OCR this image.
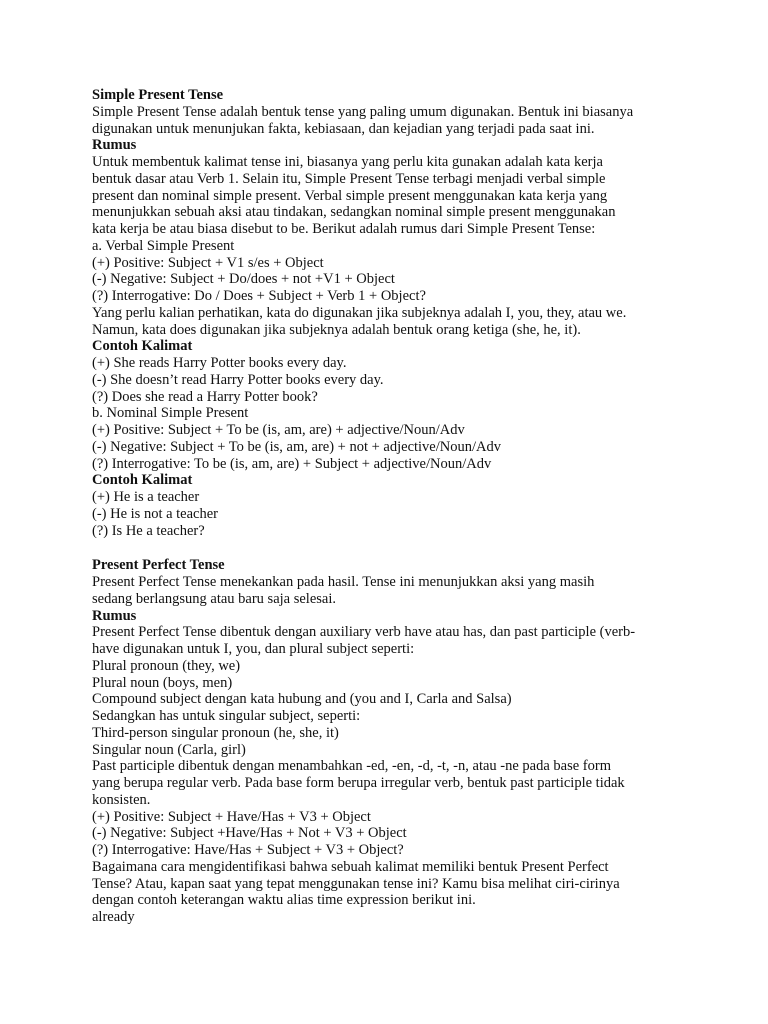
Simple Present Tense
Simple Present Tense adalah bentuk tense yang paling umum digunakan. Bentuk ini biasanya
digunakan untuk menunjukan fakta, kebiasaan, dan kejadian yang terjadi pada saat ini.
Rumus
Untuk membentuk kalimat tense ini, biasanya yang perlu kita gunakan adalah kata kerja
bentuk dasar atau Verb 1. Selain itu, Simple Present Tense terbagi menjadi verbal simple
present dan nominal simple present. Verbal simple present menggunakan kata kerja yang
menunjukkan sebuah aksi atau tindakan, sedangkan nominal simple present menggunakan
kata kerja be atau biasa disebut to be. Berikut adalah rumus dari Simple Present Tense:
a. Verbal Simple Present
(+) Positive: Subject + V1 s/es + Object
(-) Negative: Subject + Do/does + not +V1 + Object
(?) Interrogative: Do / Does + Subject + Verb 1 + Object?
Yang perlu kalian perhatikan, kata do digunakan jika subjeknya adalah I, you, they, atau we.
Namun, kata does digunakan jika subjeknya adalah bentuk orang ketiga (she, he, it).
Contoh Kalimat
(+) She reads Harry Potter books every day.
(-) She doesn’t read Harry Potter books every day.
(?) Does she read a Harry Potter book?
b. Nominal Simple Present
(+) Positive: Subject + To be (is, am, are) + adjective/Noun/Adv
(-) Negative: Subject + To be (is, am, are) + not + adjective/Noun/Adv
(?) Interrogative: To be (is, am, are) + Subject + adjective/Noun/Adv
Contoh Kalimat
(+) He is a teacher
(-) He is not a teacher
(?) Is He a teacher?
Present Perfect Tense
Present Perfect Tense menekankan pada hasil. Tense ini menunjukkan aksi yang masih
sedang berlangsung atau baru saja selesai.
Rumus
Present Perfect Tense dibentuk dengan auxiliary verb have atau has, dan past participle (verb-
have digunakan untuk I, you, dan plural subject seperti:
Plural pronoun (they, we)
Plural noun (boys, men)
Compound subject dengan kata hubung and (you and I, Carla and Salsa)
Sedangkan has untuk singular subject, seperti:
Third-person singular pronoun (he, she, it)
Singular noun (Carla, girl)
Past participle dibentuk dengan menambahkan -ed, -en, -d, -t, -n, atau -ne pada base form
yang berupa regular verb. Pada base form berupa irregular verb, bentuk past participle tidak
konsisten.
(+) Positive: Subject + Have/Has + V3 + Object
(-) Negative: Subject +Have/Has + Not + V3 + Object
(?) Interrogative: Have/Has + Subject + V3 + Object?
Bagaimana cara mengidentifikasi bahwa sebuah kalimat memiliki bentuk Present Perfect
Tense? Atau, kapan saat yang tepat menggunakan tense ini? Kamu bisa melihat ciri-cirinya
dengan contoh keterangan waktu alias time expression berikut ini.
already
